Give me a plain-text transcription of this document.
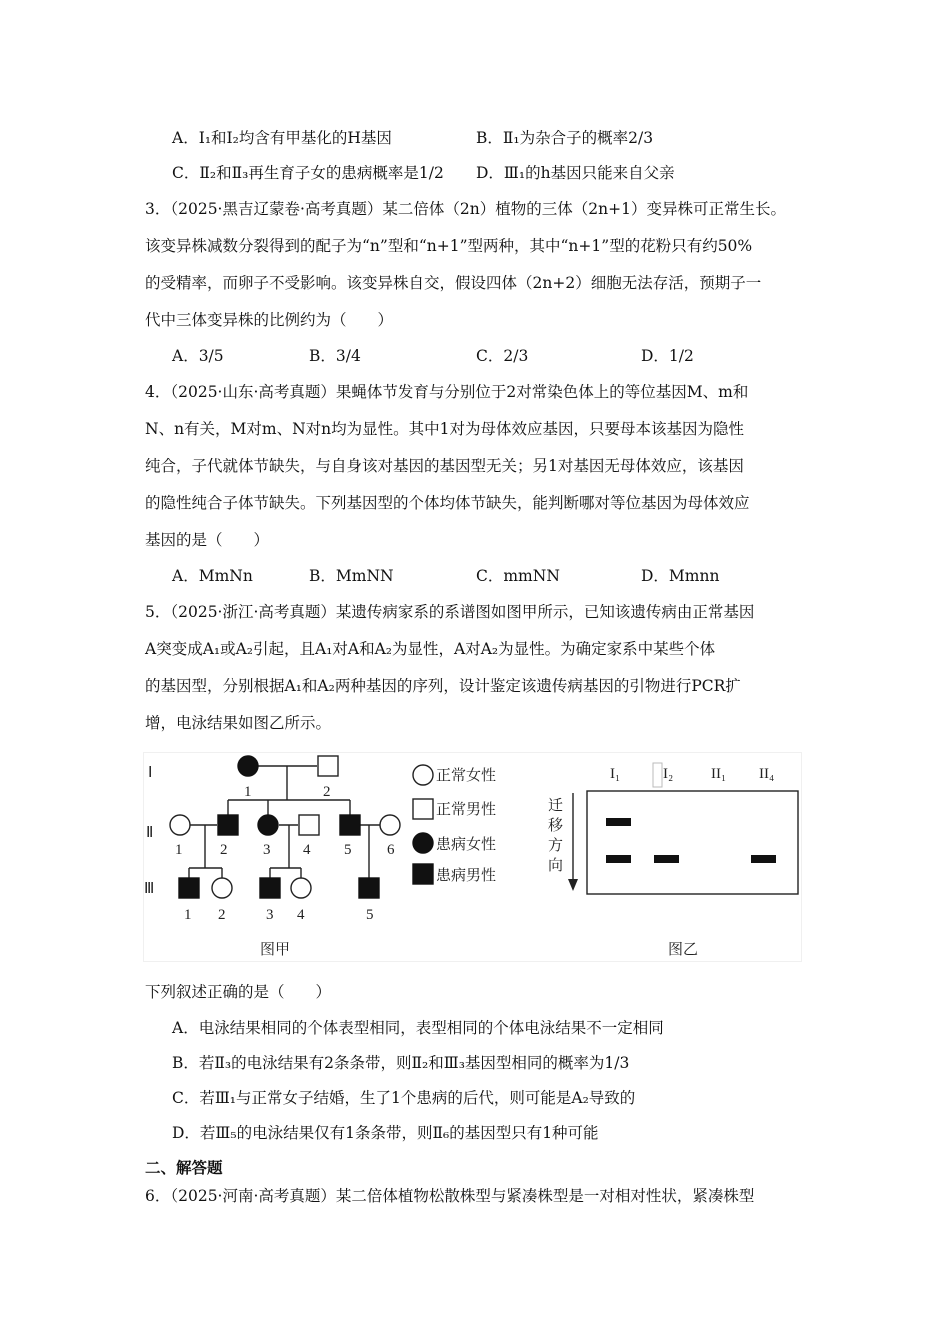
A．I₁和I₂均含有甲基化的H基因	B．Ⅱ₁为杂合子的概率2/3
C．Ⅱ₂和Ⅱ₃再生育子女的患病概率是1/2 D．Ⅲ₁的h基因只能来自父亲
3．（2025·黑吉辽蒙卷·高考真题）某二倍体（2n）植物的三体（2n+1）变异株可正常生长。
该变异株减数分裂得到的配子为“n”型和“n+1”型两种，其中“n+1”型的花粉只有约50%
的受精率，而卵子不受影响。该变异株自交，假设四体（2n+2）细胞无法存活，预期子一
代中三体变异株的比例约为（　　）
A．3/5	B．3/4	C．2/3	D．1/2
4．（2025·山东·高考真题）果蝇体节发育与分别位于2对常染色体上的等位基因M、m和
N、n有关，M对m、N对n均为显性。其中1对为母体效应基因，只要母本该基因为隐性
纯合，子代就体节缺失，与自身该对基因的基因型无关；另1对基因无母体效应，该基因
的隐性纯合子体节缺失。下列基因型的个体均体节缺失，能判断哪对等位基因为母体效应
基因的是（　　）
A．MmNn	B．MmNN	C．mmNN	D．Mmnn
5．（2025·浙江·高考真题）某遗传病家系的系谱图如图甲所示，已知该遗传病由正常基因
A突变成A₁或A₂引起，且A₁对A和A₂为显性，A对A₂为显性。为确定家系中某些个体
的基因型，分别根据A₁和A₂两种基因的序列，设计鉴定该遗传病基因的引物进行PCR扩
增，电泳结果如图乙所示。
Ⅰ
Ⅱ
Ⅲ
1	2
1	2 3 4 5 6
1 2	3 4	5
正常女性
正常男性
患病女性
患病男性
图甲
I₁	I₂	II₁ II₄
迁
移
方
向
图乙
下列叙述正确的是（　　）
A．电泳结果相同的个体表型相同，表型相同的个体电泳结果不一定相同
B．若Ⅱ₃的电泳结果有2条条带，则Ⅱ₂和Ⅲ₃基因型相同的概率为1/3
C．若Ⅲ₁与正常女子结婚，生了1个患病的后代，则可能是A₂导致的
D．若Ⅲ₅的电泳结果仅有1条条带，则Ⅱ₆的基因型只有1种可能
二、解答题
6．（2025·河南·高考真题）某二倍体植物松散株型与紧凑株型是一对相对性状，紧凑株型
